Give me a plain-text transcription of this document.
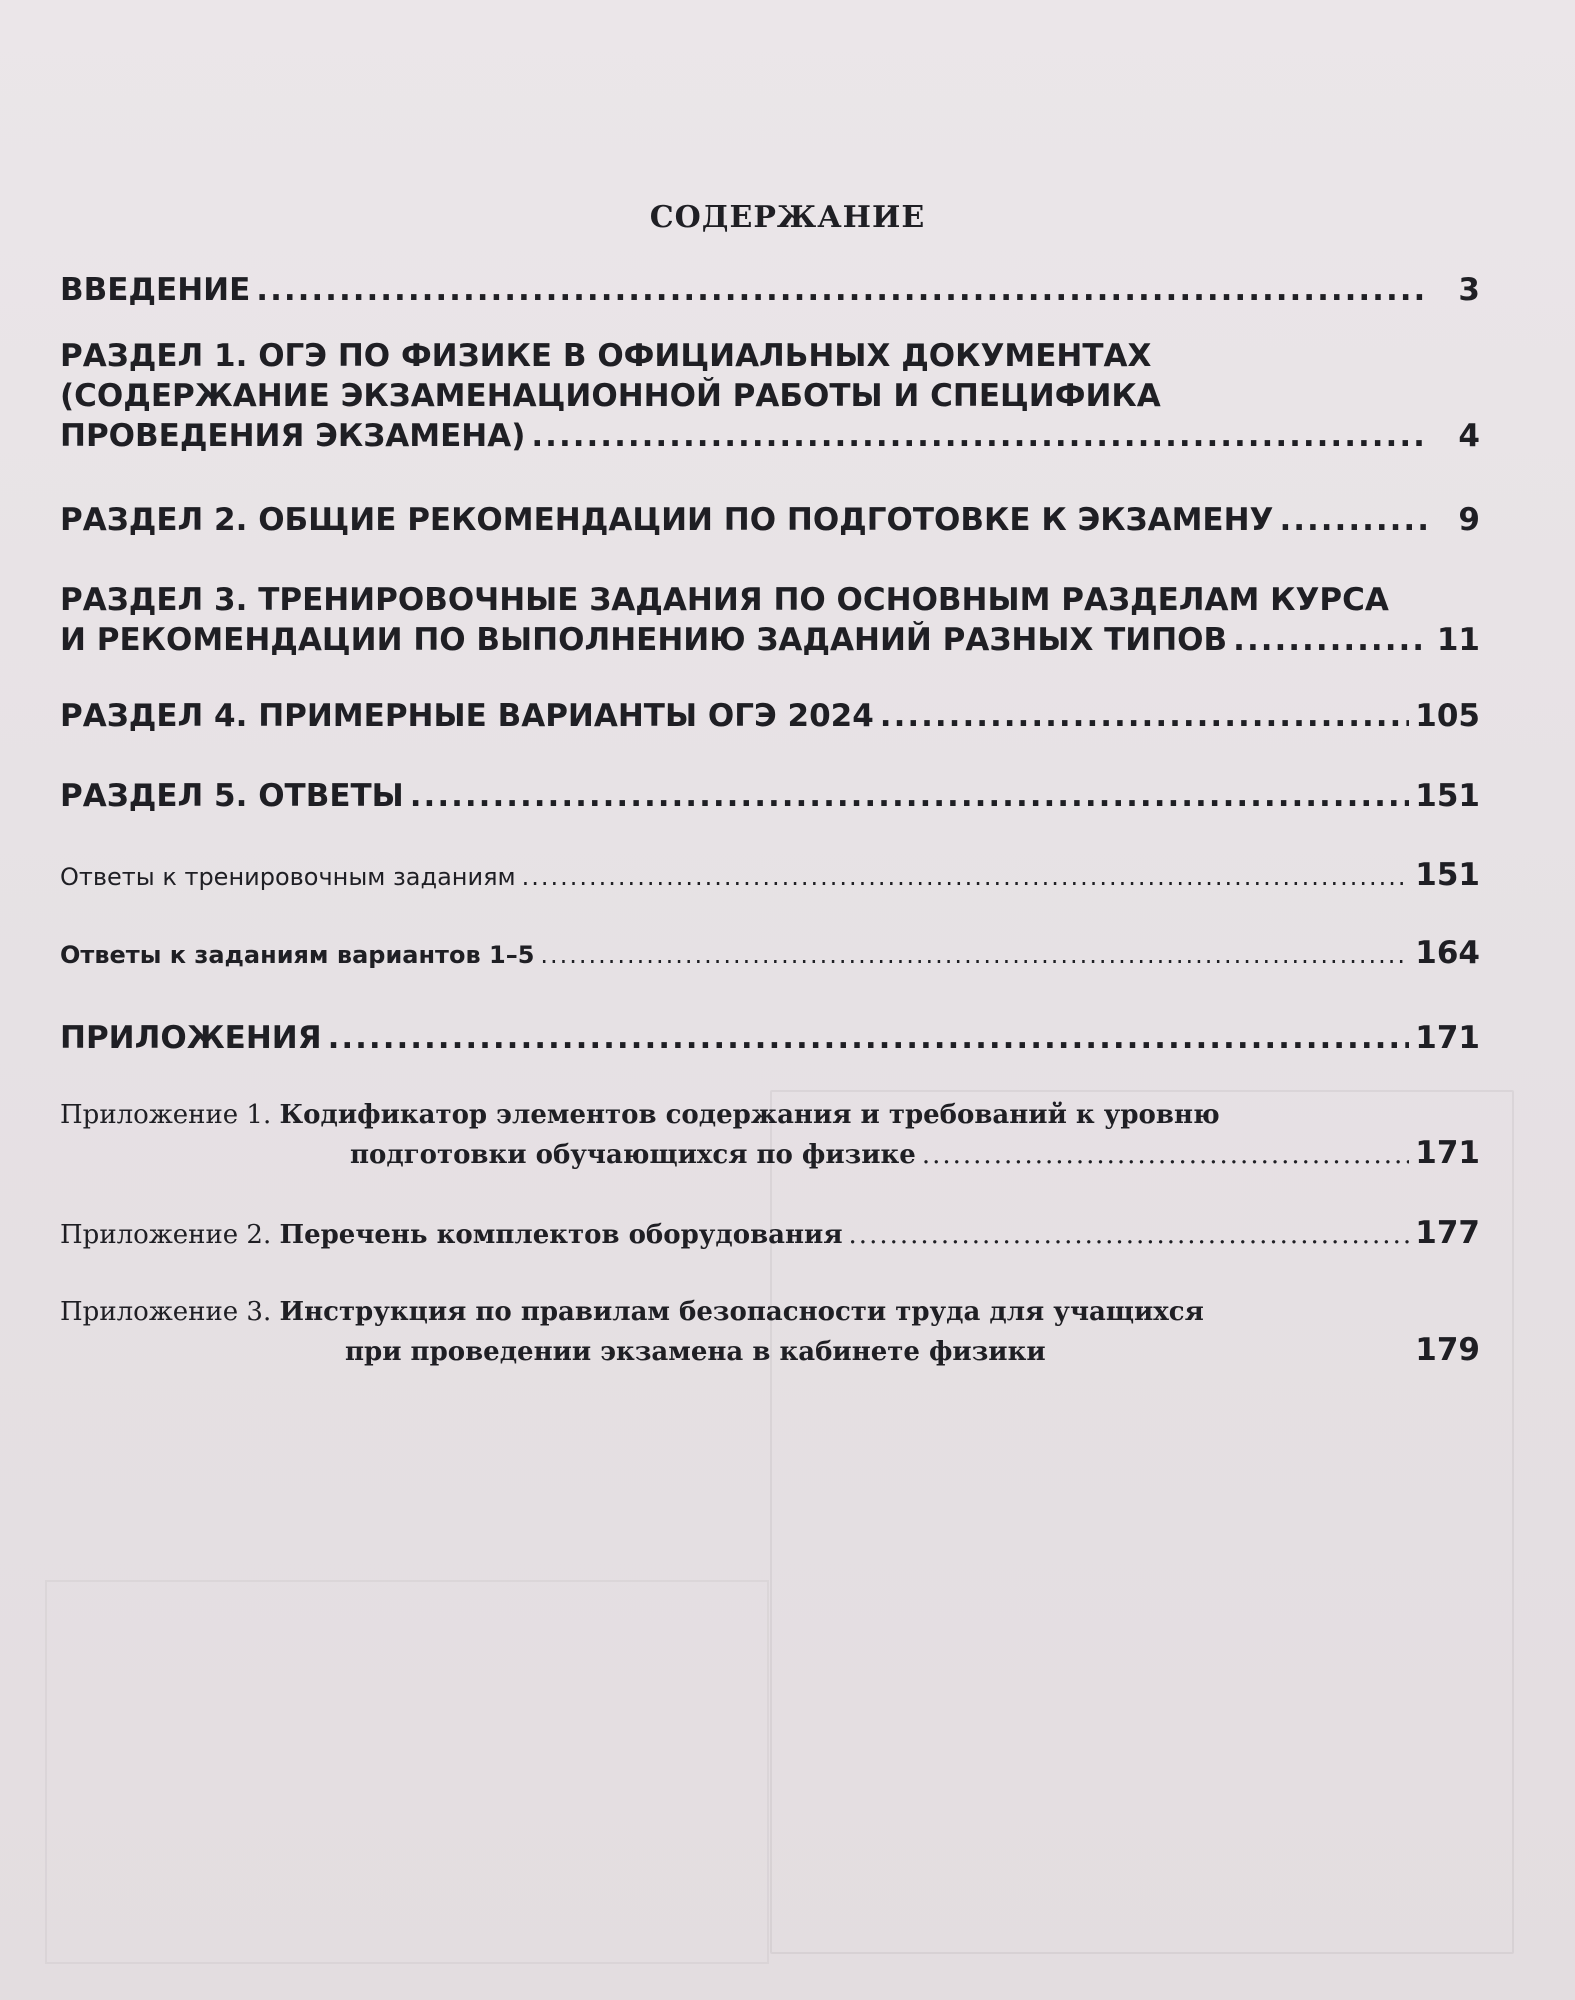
СОДЕРЖАНИЕ
ВВЕДЕНИЕ .....	3
РАЗДЕЛ 1. ОГЭ ПО ФИЗИКЕ В ОФИЦИАЛЬНЫХ ДОКУМЕНТАХ
(СОДЕРЖАНИЕ ЭКЗАМЕНАЦИОННОЙ РАБОТЫ И СПЕЦИФИКА
ПРОВЕДЕНИЯ ЭКЗАМЕНА) .....	4
РАЗДЕЛ 2. ОБЩИЕ РЕКОМЕНДАЦИИ ПО ПОДГОТОВКЕ К ЭКЗАМЕНУ .....	9
РАЗДЕЛ 3. ТРЕНИРОВОЧНЫЕ ЗАДАНИЯ ПО ОСНОВНЫМ РАЗДЕЛАМ КУРСА
И РЕКОМЕНДАЦИИ ПО ВЫПОЛНЕНИЮ ЗАДАНИЙ РАЗНЫХ ТИПОВ .....	11
РАЗДЕЛ 4. ПРИМЕРНЫЕ ВАРИАНТЫ ОГЭ 2024 .....	105
РАЗДЕЛ 5. ОТВЕТЫ .....	151
Ответы к тренировочным заданиям .....	151
Ответы к заданиям вариантов 1–5 .....	164
ПРИЛОЖЕНИЯ .....	171
Приложение 1. Кодификатор элементов содержания и требований к уровню
подготовки обучающихся по физике .....	171
Приложение 2. Перечень комплектов оборудования .....	177
Приложение 3. Инструкция по правилам безопасности труда для учащихся
при проведении экзамена в кабинете физики	179
